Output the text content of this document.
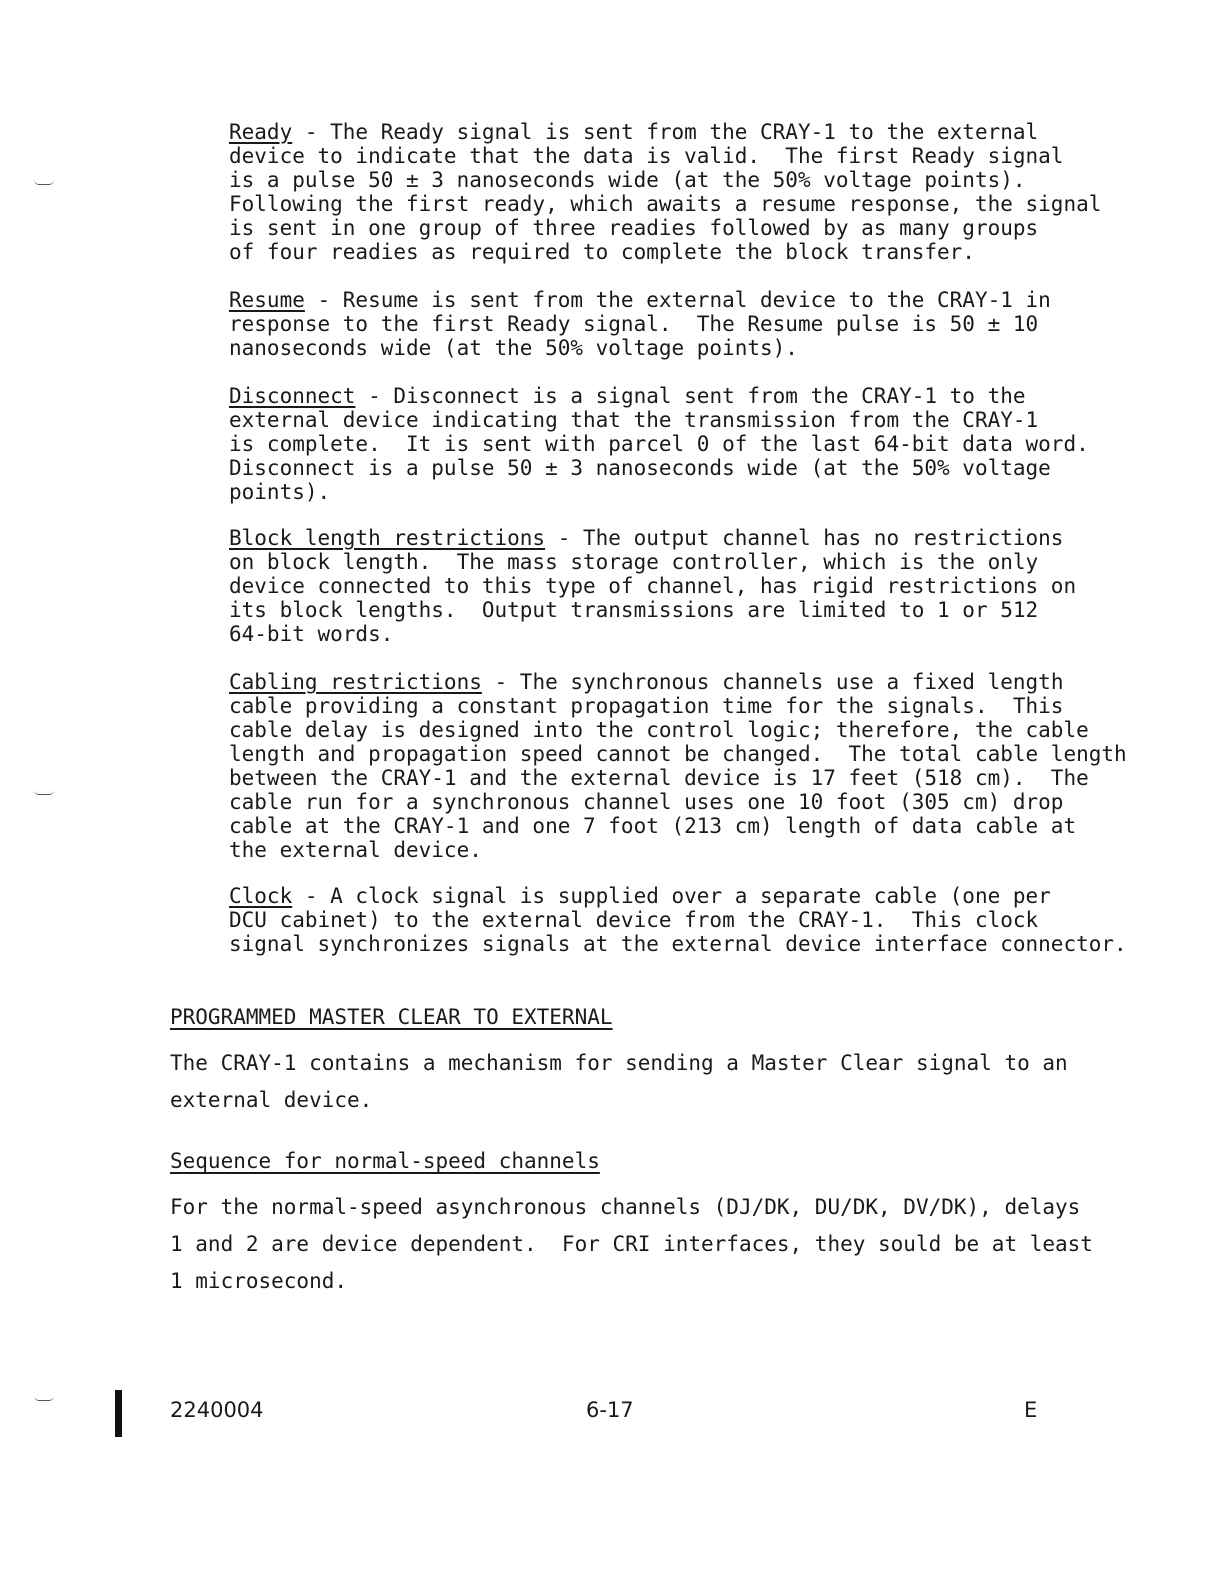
Ready - The Ready signal is sent from the CRAY-1 to the external
device to indicate that the data is valid.  The first Ready signal
is a pulse 50 ± 3 nanoseconds wide (at the 50% voltage points).
Following the first ready, which awaits a resume response, the signal
is sent in one group of three readies followed by as many groups
of four readies as required to complete the block transfer.

Resume - Resume is sent from the external device to the CRAY-1 in
response to the first Ready signal.  The Resume pulse is 50 ± 10
nanoseconds wide (at the 50% voltage points).

Disconnect - Disconnect is a signal sent from the CRAY-1 to the
external device indicating that the transmission from the CRAY-1
is complete.  It is sent with parcel 0 of the last 64-bit data word.
Disconnect is a pulse 50 ± 3 nanoseconds wide (at the 50% voltage
points).

Block length restrictions - The output channel has no restrictions
on block length.  The mass storage controller, which is the only
device connected to this type of channel, has rigid restrictions on
its block lengths.  Output transmissions are limited to 1 or 512
64-bit words.

Cabling restrictions - The synchronous channels use a fixed length
cable providing a constant propagation time for the signals.  This
cable delay is designed into the control logic; therefore, the cable
length and propagation speed cannot be changed.  The total cable length
between the CRAY-1 and the external device is 17 feet (518 cm).  The
cable run for a synchronous channel uses one 10 foot (305 cm) drop
cable at the CRAY-1 and one 7 foot (213 cm) length of data cable at
the external device.

Clock - A clock signal is supplied over a separate cable (one per
DCU cabinet) to the external device from the CRAY-1.  This clock
signal synchronizes signals at the external device interface connector.

PROGRAMMED MASTER CLEAR TO EXTERNAL

The CRAY-1 contains a mechanism for sending a Master Clear signal to an
external device.

Sequence for normal-speed channels

For the normal-speed asynchronous channels (DJ/DK, DU/DK, DV/DK), delays
1 and 2 are device dependent.  For CRI interfaces, they sould be at least
1 microsecond.

2240004	6-17	E
